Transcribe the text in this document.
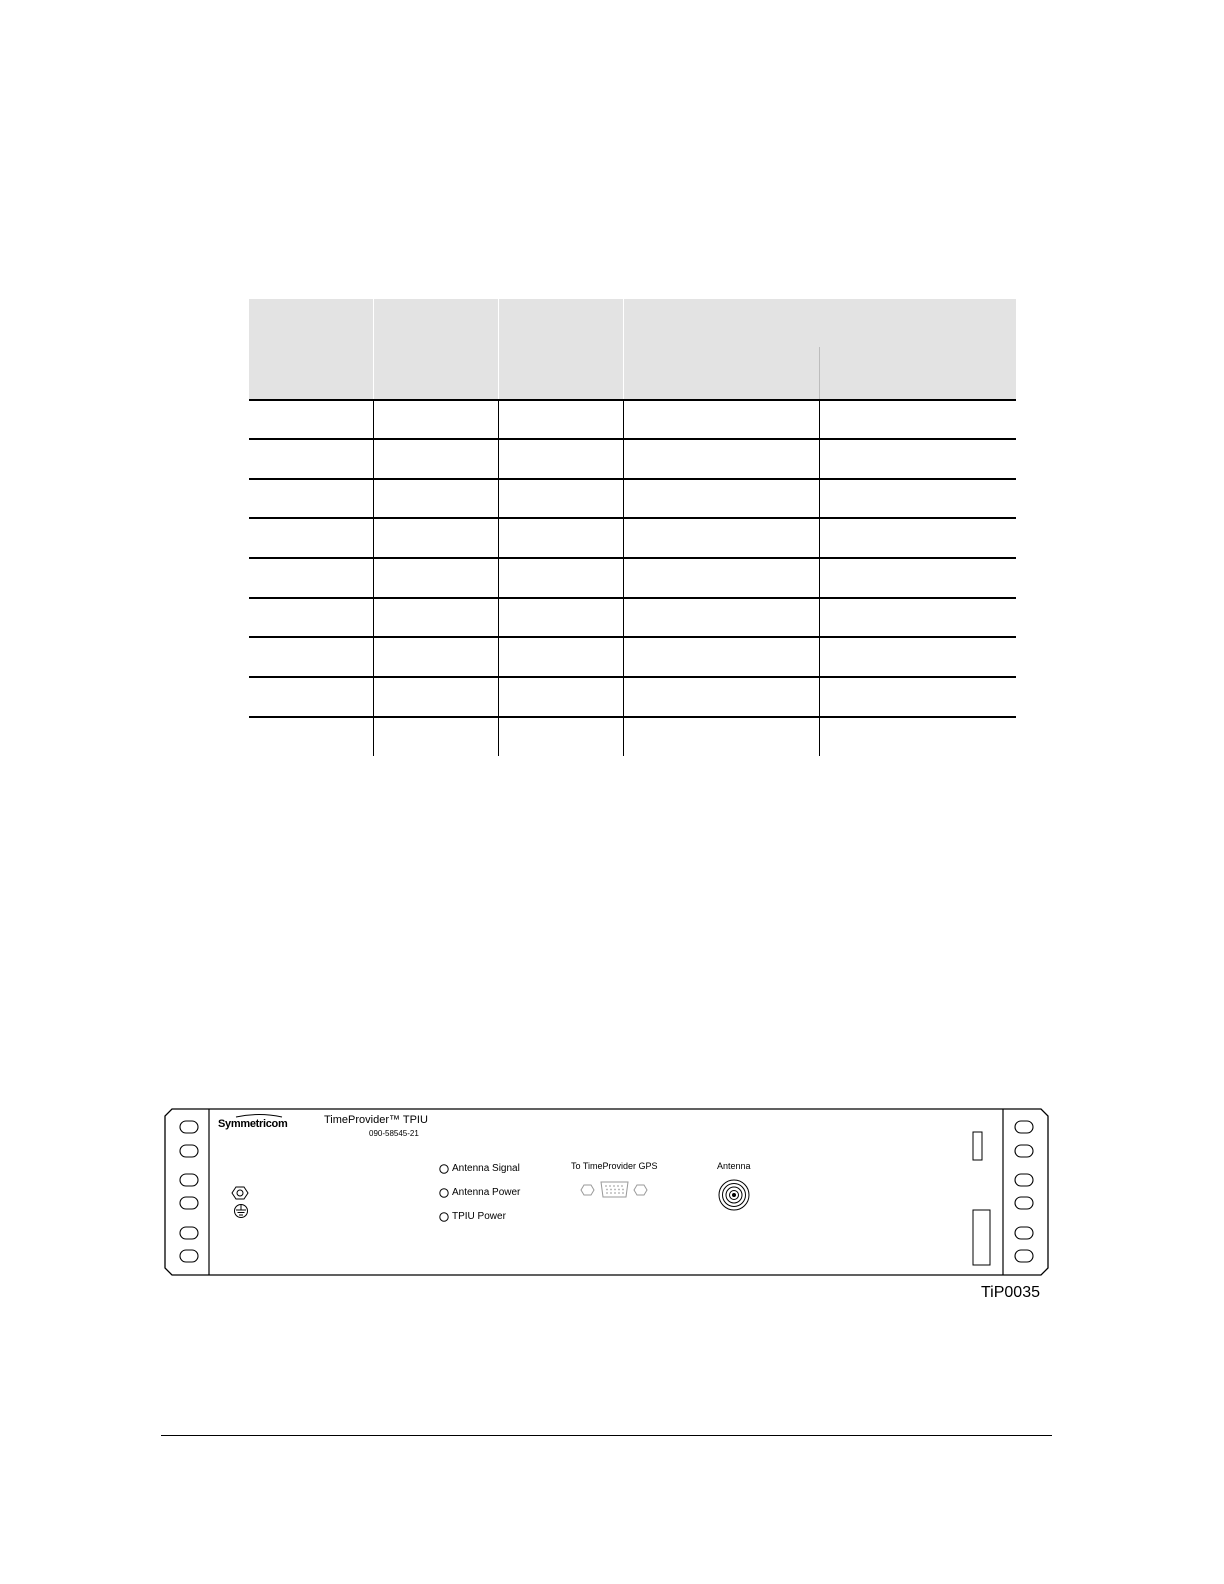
Symmetricom	TimeProvider™ TPIU
090-58545-21
Antenna Signal
Antenna Power
TPIU Power
To TimeProvider GPS	Antenna
TiP0035
